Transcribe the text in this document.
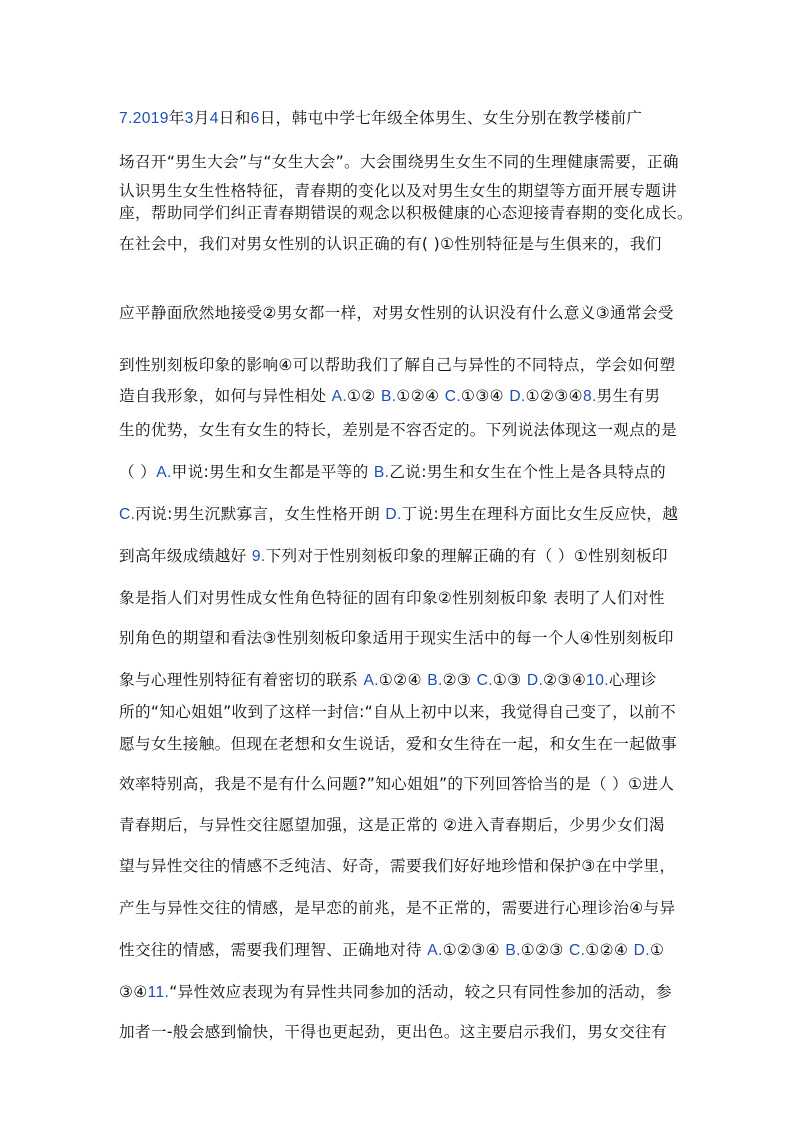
7.2019年3月4日和6日，韩屯中学七年级全体男生、女生分别在教学楼前广
场召开“男生大会”与“女生大会”。大会围绕男生女生不同的生理健康需要，正确
认识男生女生性格特征，青春期的变化以及对男生女生的期望等方面开展专题讲
座，帮助同学们纠正青春期错误的观念以积极健康的心态迎接青春期的变化成长。
在社会中，我们对男女性别的认识正确的有( )①性别特征是与生俱来的，我们
应平静面欣然地接受②男女都一样，对男女性别的认识没有什么意义③通常会受
到性别刻板印象的影响④可以帮助我们了解自己与异性的不同特点，学会如何塑
造自我形象，如何与异性相处 A.①② B.①②④ C.①③④ D.①②③④8.男生有男
生的优势，女生有女生的特长，差别是不容否定的。下列说法体现这一观点的是
（ ）A.甲说:男生和女生都是平等的 B.乙说:男生和女生在个性上是各具特点的
C.丙说:男生沉默寡言，女生性格开朗 D.丁说:男生在理科方面比女生反应快，越
到高年级成绩越好 9.下列对于性别刻板印象的理解正确的有（ ）①性别刻板印
象是指人们对男性成女性角色特征的固有印象②性别刻板印象 表明了人们对性
别角色的期望和看法③性别刻板印象适用于现实生活中的每一个人④性别刻板印
象与心理性别特征有着密切的联系 A.①②④ B.②③ C.①③ D.②③④10.心理诊
所的“知心姐姐”收到了这样一封信:“自从上初中以来，我觉得自己变了，以前不
愿与女生接触。但现在老想和女生说话，爱和女生待在一起，和女生在一起做事
效率特别高，我是不是有什么问题?”知心姐姐”的下列回答恰当的是（ ）①进人
青春期后，与异性交往愿望加强，这是正常的 ②进入青春期后，少男少女们渴
望与异性交往的情感不乏纯洁、好奇，需要我们好好地珍惜和保护③在中学里，
产生与异性交往的情感，是早恋的前兆，是不正常的，需要进行心理诊治④与异
性交往的情感，需要我们理智、正确地对待 A.①②③④ B.①②③ C.①②④ D.①
③④11.“异性效应表现为有异性共同参加的活动，较之只有同性参加的活动，参
加者一-般会感到愉快，干得也更起劲，更出色。这主要启示我们，男女交往有
